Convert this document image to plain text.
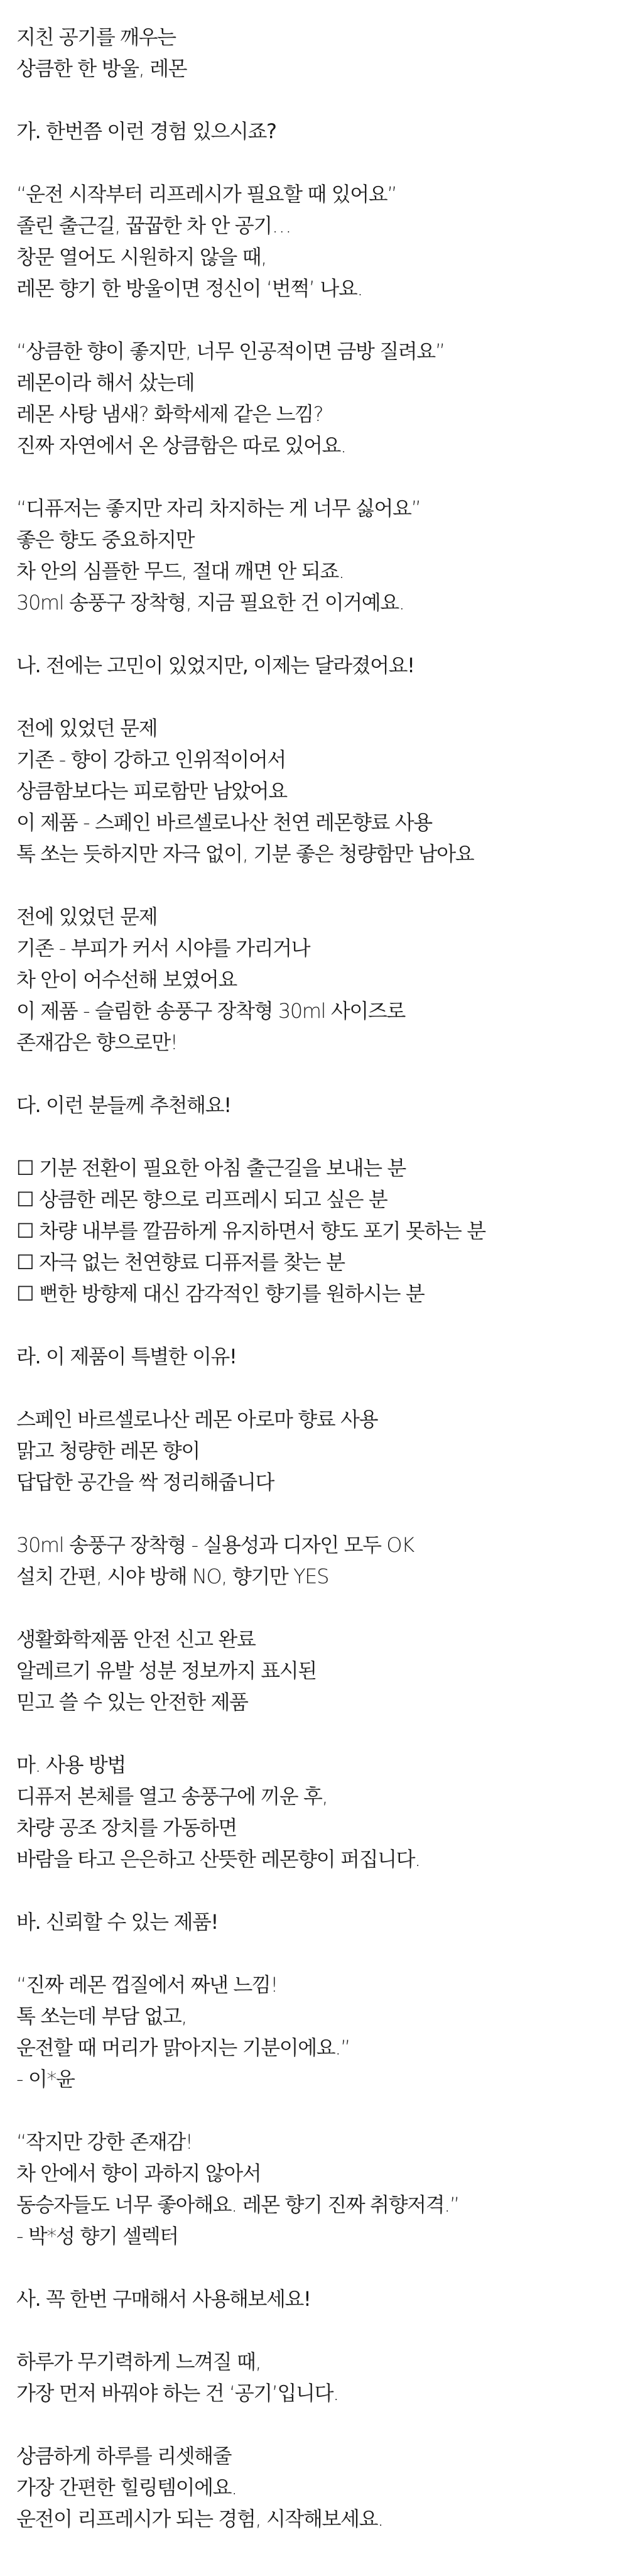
지친 공기를 깨우는
상큼한 한 방울, 레몬
가. 한번쯤 이런 경험 있으시죠?
“운전 시작부터 리프레시가 필요할 때 있어요”
졸린 출근길, 꿉꿉한 차 안 공기…
창문 열어도 시원하지 않을 때,
레몬 향기 한 방울이면 정신이 ‘번쩍’ 나요.
“상큼한 향이 좋지만, 너무 인공적이면 금방 질려요”
레몬이라 해서 샀는데
레몬 사탕 냄새? 화학세제 같은 느낌?
진짜 자연에서 온 상큼함은 따로 있어요.
“디퓨저는 좋지만 자리 차지하는 게 너무 싫어요”
좋은 향도 중요하지만
차 안의 심플한 무드, 절대 깨면 안 되죠.
30ml 송풍구 장착형, 지금 필요한 건 이거예요.
나. 전에는 고민이 있었지만, 이제는 달라졌어요!
전에 있었던 문제
기존 - 향이 강하고 인위적이어서
상큼함보다는 피로함만 남았어요
이 제품 - 스페인 바르셀로나산 천연 레몬향료 사용
톡 쏘는 듯하지만 자극 없이, 기분 좋은 청량함만 남아요
전에 있었던 문제
기존 - 부피가 커서 시야를 가리거나
차 안이 어수선해 보였어요
이 제품 - 슬림한 송풍구 장착형 30ml 사이즈로
존재감은 향으로만!
다. 이런 분들께 추천해요!
☐ 기분 전환이 필요한 아침 출근길을 보내는 분
☐ 상큼한 레몬 향으로 리프레시 되고 싶은 분
☐ 차량 내부를 깔끔하게 유지하면서 향도 포기 못하는 분
☐ 자극 없는 천연향료 디퓨저를 찾는 분
☐ 뻔한 방향제 대신 감각적인 향기를 원하시는 분
라. 이 제품이 특별한 이유!
스페인 바르셀로나산 레몬 아로마 향료 사용
맑고 청량한 레몬 향이
답답한 공간을 싹 정리해줍니다
30ml 송풍구 장착형 - 실용성과 디자인 모두 OK
설치 간편, 시야 방해 NO, 향기만 YES
생활화학제품 안전 신고 완료
알레르기 유발 성분 정보까지 표시된
믿고 쓸 수 있는 안전한 제품
마. 사용 방법
디퓨저 본체를 열고 송풍구에 끼운 후,
차량 공조 장치를 가동하면
바람을 타고 은은하고 산뜻한 레몬향이 퍼집니다.
바. 신뢰할 수 있는 제품!
“진짜 레몬 껍질에서 짜낸 느낌!
톡 쏘는데 부담 없고,
운전할 때 머리가 맑아지는 기분이에요.”
- 이*윤
“작지만 강한 존재감!
차 안에서 향이 과하지 않아서
동승자들도 너무 좋아해요. 레몬 향기 진짜 취향저격.”
- 박*성 향기 셀렉터
사. 꼭 한번 구매해서 사용해보세요!
하루가 무기력하게 느껴질 때,
가장 먼저 바꿔야 하는 건 ‘공기’입니다.
상큼하게 하루를 리셋해줄
가장 간편한 힐링템이에요.
운전이 리프레시가 되는 경험, 시작해보세요.
